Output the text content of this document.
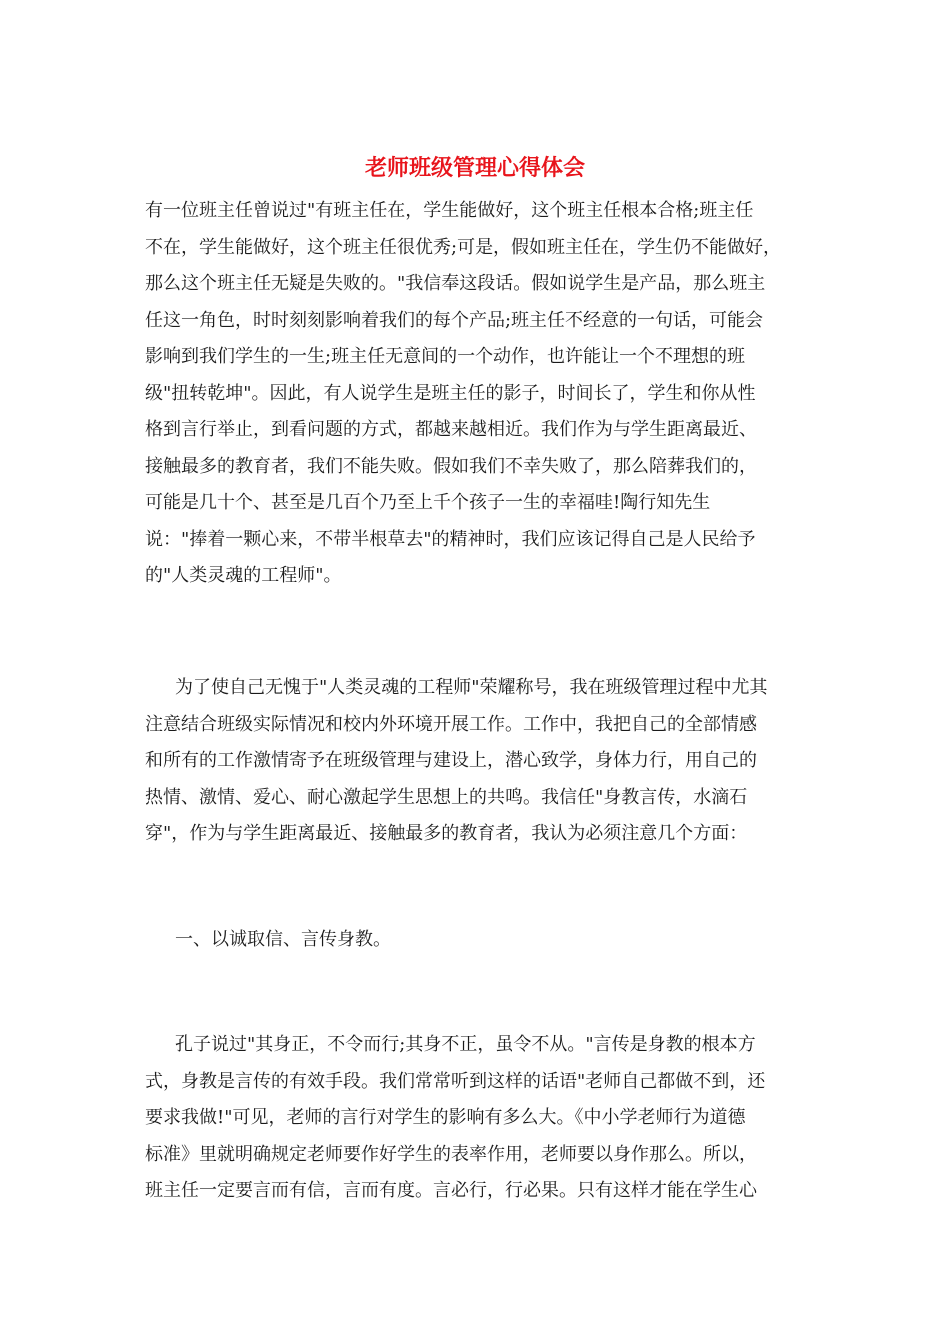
老师班级管理心得体会
有一位班主任曾说过"有班主任在，学生能做好，这个班主任根本合格;班主任
不在，学生能做好，这个班主任很优秀;可是，假如班主任在，学生仍不能做好，
那么这个班主任无疑是失败的。"我信奉这段话。假如说学生是产品，那么班主
任这一角色，时时刻刻影响着我们的每个产品;班主任不经意的一句话，可能会
影响到我们学生的一生;班主任无意间的一个动作，也许能让一个不理想的班
级"扭转乾坤"。因此，有人说学生是班主任的影子，时间长了，学生和你从性
格到言行举止，到看问题的方式，都越来越相近。我们作为与学生距离最近、
接触最多的教育者，我们不能失败。假如我们不幸失败了，那么陪葬我们的，
可能是几十个、甚至是几百个乃至上千个孩子一生的幸福哇!陶行知先生
说："捧着一颗心来，不带半根草去"的精神时，我们应该记得自己是人民给予
的"人类灵魂的工程师"。
为了使自己无愧于"人类灵魂的工程师"荣耀称号，我在班级管理过程中尤其
注意结合班级实际情况和校内外环境开展工作。工作中，我把自己的全部情感
和所有的工作激情寄予在班级管理与建设上，潜心致学，身体力行，用自己的
热情、激情、爱心、耐心激起学生思想上的共鸣。我信任"身教言传，水滴石
穿"，作为与学生距离最近、接触最多的教育者，我认为必须注意几个方面：
一、以诚取信、言传身教。
孔子说过"其身正，不令而行;其身不正，虽令不从。"言传是身教的根本方
式，身教是言传的有效手段。我们常常听到这样的话语"老师自己都做不到，还
要求我做!"可见，老师的言行对学生的影响有多么大。《中小学老师行为道德
标准》里就明确规定老师要作好学生的表率作用，老师要以身作那么。所以，
班主任一定要言而有信，言而有度。言必行，行必果。只有这样才能在学生心
